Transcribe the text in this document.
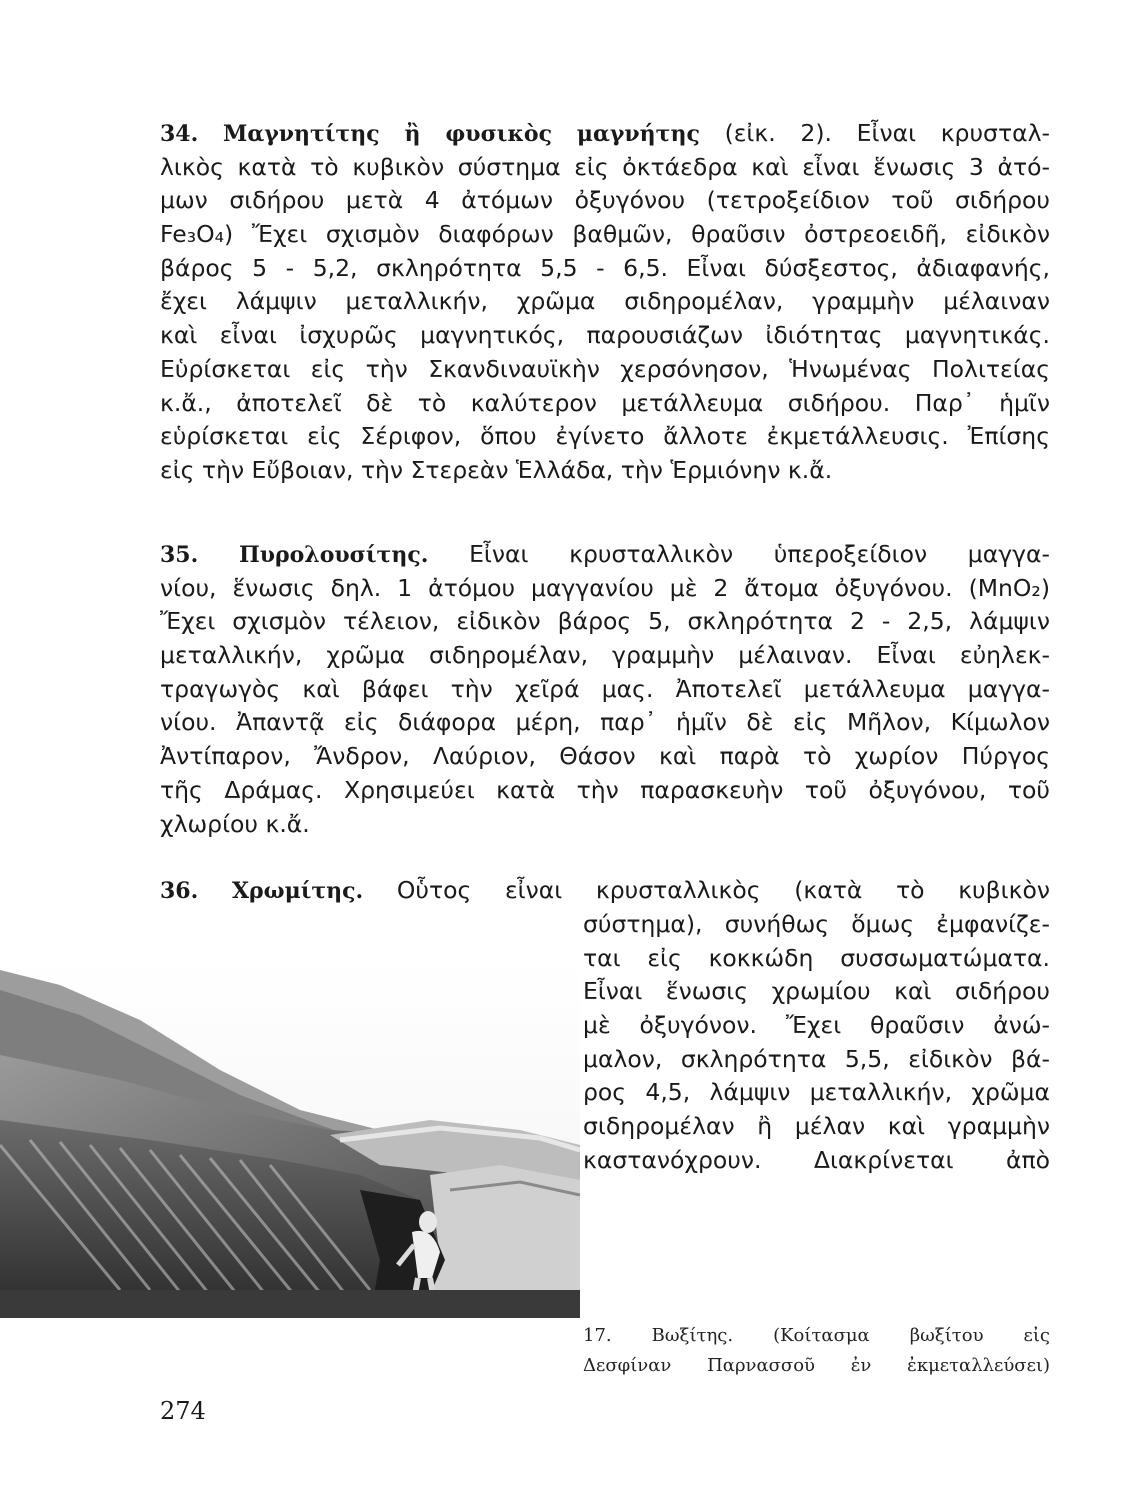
34. Μαγνητίτης ἢ φυσικὸς μαγνήτης (εἰκ. 2). Εἶναι κρυσταλ-
λικὸς κατὰ τὸ κυβικὸν σύστημα εἰς ὀκτάεδρα καὶ εἶναι ἕνωσις 3 ἀτό-
μων σιδήρου μετὰ 4 ἀτόμων ὀξυγόνου (τετροξείδιον τοῦ σιδήρου
Fe₃O₄) Ἔχει σχισμὸν διαφόρων βαθμῶν, θραῦσιν ὀστρεοειδῆ, εἰδικὸν
βάρος 5 - 5,2, σκληρότητα 5,5 - 6,5. Εἶναι δύσξεστος, ἀδιαφανής,
ἔχει λάμψιν μεταλλικήν, χρῶμα σιδηρομέλαν, γραμμὴν μέλαιναν
καὶ εἶναι ἰσχυρῶς μαγνητικός, παρουσιάζων ἰδιότητας μαγνητικάς.
Εὑρίσκεται εἰς τὴν Σκανδιναυϊκὴν χερσόνησον, Ἡνωμένας Πολιτείας
κ.ἄ., ἀποτελεῖ δὲ τὸ καλύτερον μετάλλευμα σιδήρου. Παρ᾽ ἡμῖν
εὑρίσκεται εἰς Σέριφον, ὅπου ἐγίνετο ἄλλοτε ἐκμετάλλευσις. Ἐπίσης
εἰς τὴν Εὔβοιαν, τὴν Στερεὰν Ἑλλάδα, τὴν Ἑρμιόνην κ.ἄ.
35. Πυρολουσίτης. Εἶναι κρυσταλλικὸν ὑπεροξείδιον μαγγα-
νίου, ἕνωσις δηλ. 1 ἀτόμου μαγγανίου μὲ 2 ἄτομα ὀξυγόνου. (MnO₂)
Ἔχει σχισμὸν τέλειον, εἰδικὸν βάρος 5, σκληρότητα 2 - 2,5, λάμψιν
μεταλλικήν, χρῶμα σιδηρομέλαν, γραμμὴν μέλαιναν. Εἶναι εὐηλεκ-
τραγωγὸς καὶ βάφει τὴν χεῖρά μας. Ἀποτελεῖ μετάλλευμα μαγγα-
νίου. Ἀπαντᾷ εἰς διάφορα μέρη, παρ᾽ ἡμῖν δὲ εἰς Μῆλον, Κίμωλον
Ἀντίπαρον, Ἄνδρον, Λαύριον, Θάσον καὶ παρὰ τὸ χωρίον Πύργος
τῆς Δράμας. Χρησιμεύει κατὰ τὴν παρασκευὴν τοῦ ὀξυγόνου, τοῦ
χλωρίου κ.ἄ.
36. Χρωμίτης. Οὗτος εἶναι κρυσταλλικὸς (κατὰ τὸ κυβικὸν
σύστημα), συνήθως ὅμως ἐμφανίζε-
ται εἰς κοκκώδη συσσωματώματα.
Εἶναι ἕνωσις χρωμίου καὶ σιδήρου
μὲ ὀξυγόνον. Ἔχει θραῦσιν ἀνώ-
μαλον, σκληρότητα 5,5, εἰδικὸν βά-
ρος 4,5, λάμψιν μεταλλικήν, χρῶμα
σιδηρομέλαν ἢ μέλαν καὶ γραμμὴν
καστανόχρουν. Διακρίνεται ἀπὸ
17. Βωξίτης. (Κοίτασμα βωξίτου εἰς
Δεσφίναν Παρνασσοῦ ἐν ἐκμεταλλεύσει)
274
